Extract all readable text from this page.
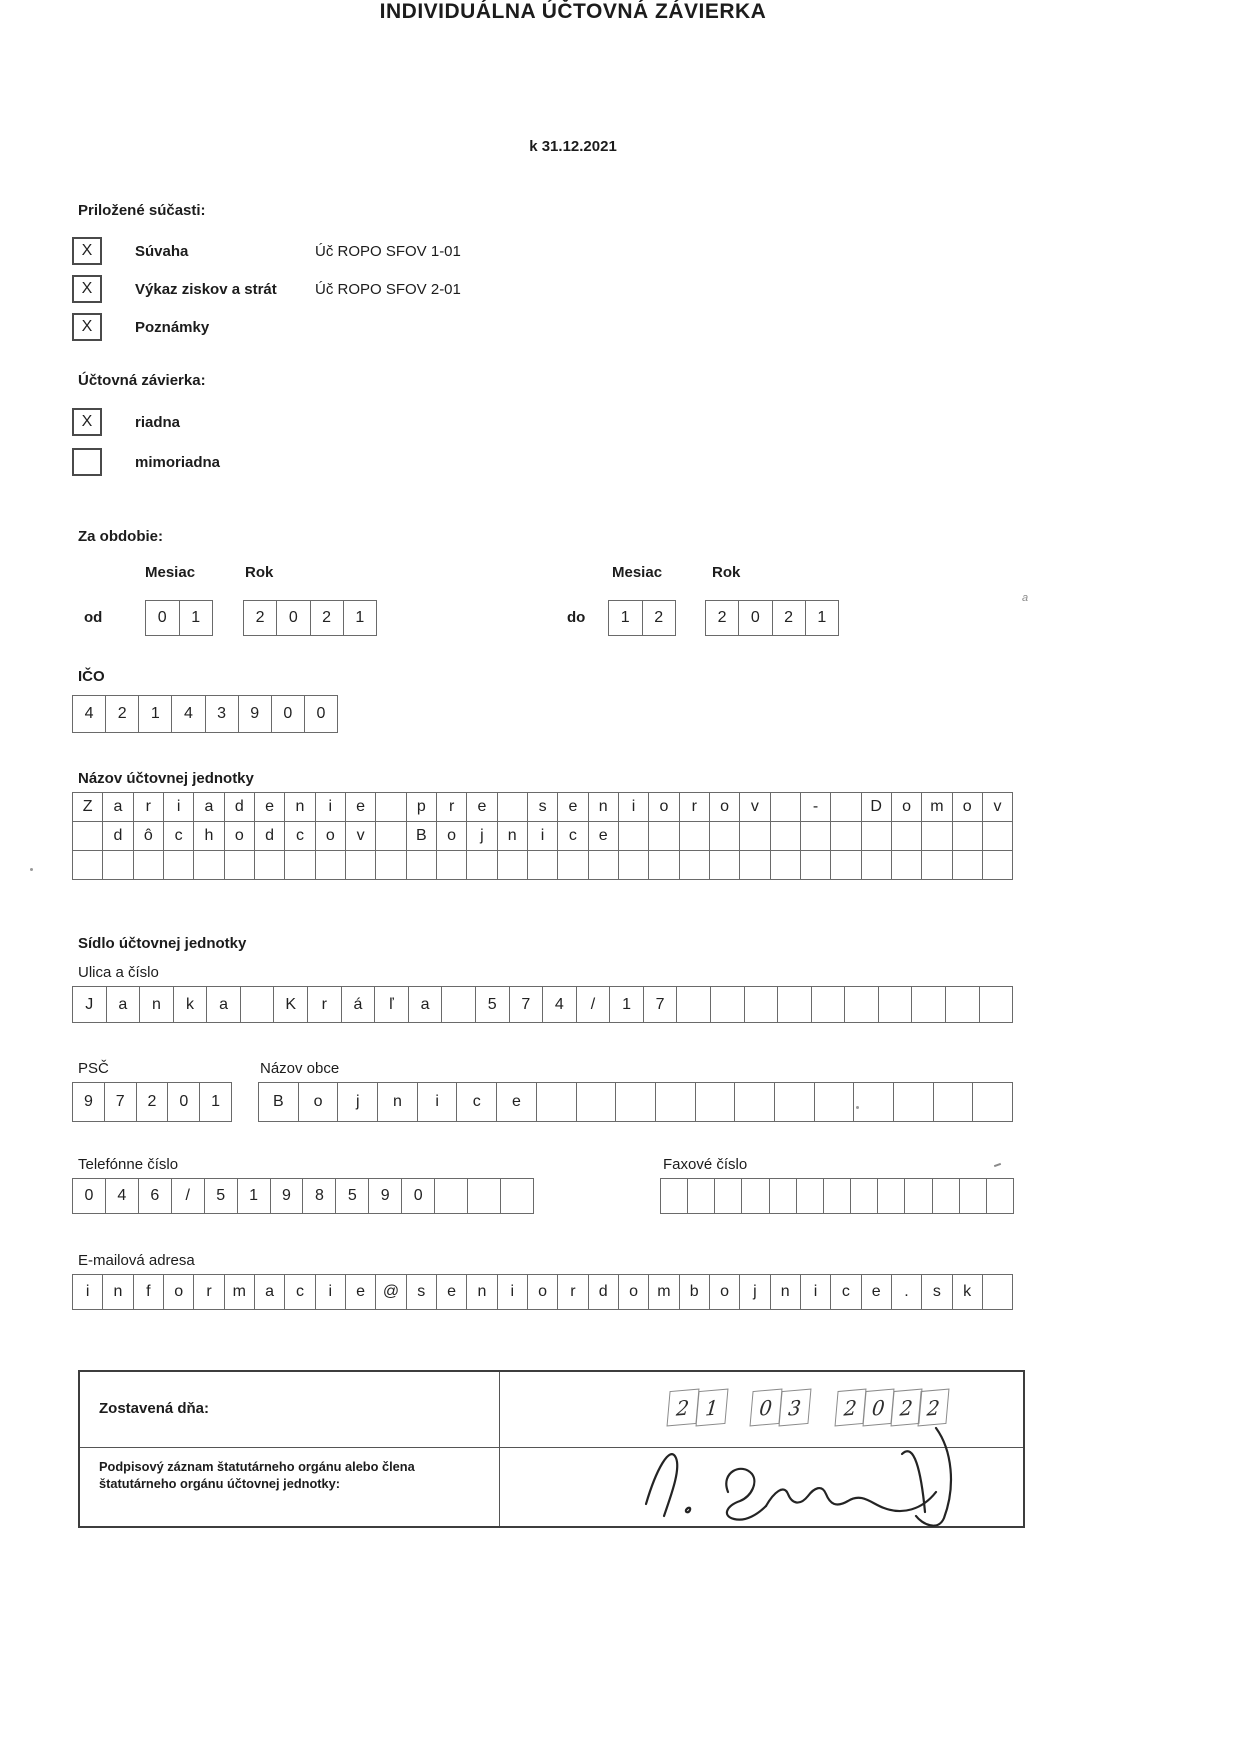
INDIVIDUÁLNA ÚČTOVNÁ ZÁVIERKA
k 31.12.2021
Priložené súčasti:
X	Súvaha	Úč ROPO SFOV 1-01
X	Výkaz ziskov a strát	Úč ROPO SFOV 2-01
X	Poznámky
Účtovná závierka:
X	riadna
mimoriadna
Za obdobie:
Mesiac	Rok	Mesiac	Rok
od	0	1	2	0	2	1	do	1	2	2	0	2	1
IČO
4	2	1	4	3	9	0	0
Názov účtovnej jednotky
Z	a	r	i	a	d	e	n	i	e	p	r	e	s	e	n	i	o	r	o	v	-	D	o	m	o	v
d	ô	c	h	o	d	c	o	v	B	o	j	n	i	c	e
Sídlo účtovnej jednotky
Ulica a číslo
J	a	n	k	a	K	r	á	ľ	a	5	7	4	/	1	7
PSČ
9	7	2	0	1
Názov obce
B	o	j	n	i	c	e
Telefónne číslo
0	4	6	/	5	1	9	8	5	9	0
Faxové číslo
E-mailová adresa
i	n	f	o	r	m	a	c	i	e	@	s	e	n	i	o	r	d	o	m	b	o	j	n	i	c	e	.	s	k
Zostavená dňa:	2 1	0 3	2 0 2 2
Podpisový záznam štatutárneho orgánu alebo člena štatutárneho orgánu účtovnej jednotky:
a
